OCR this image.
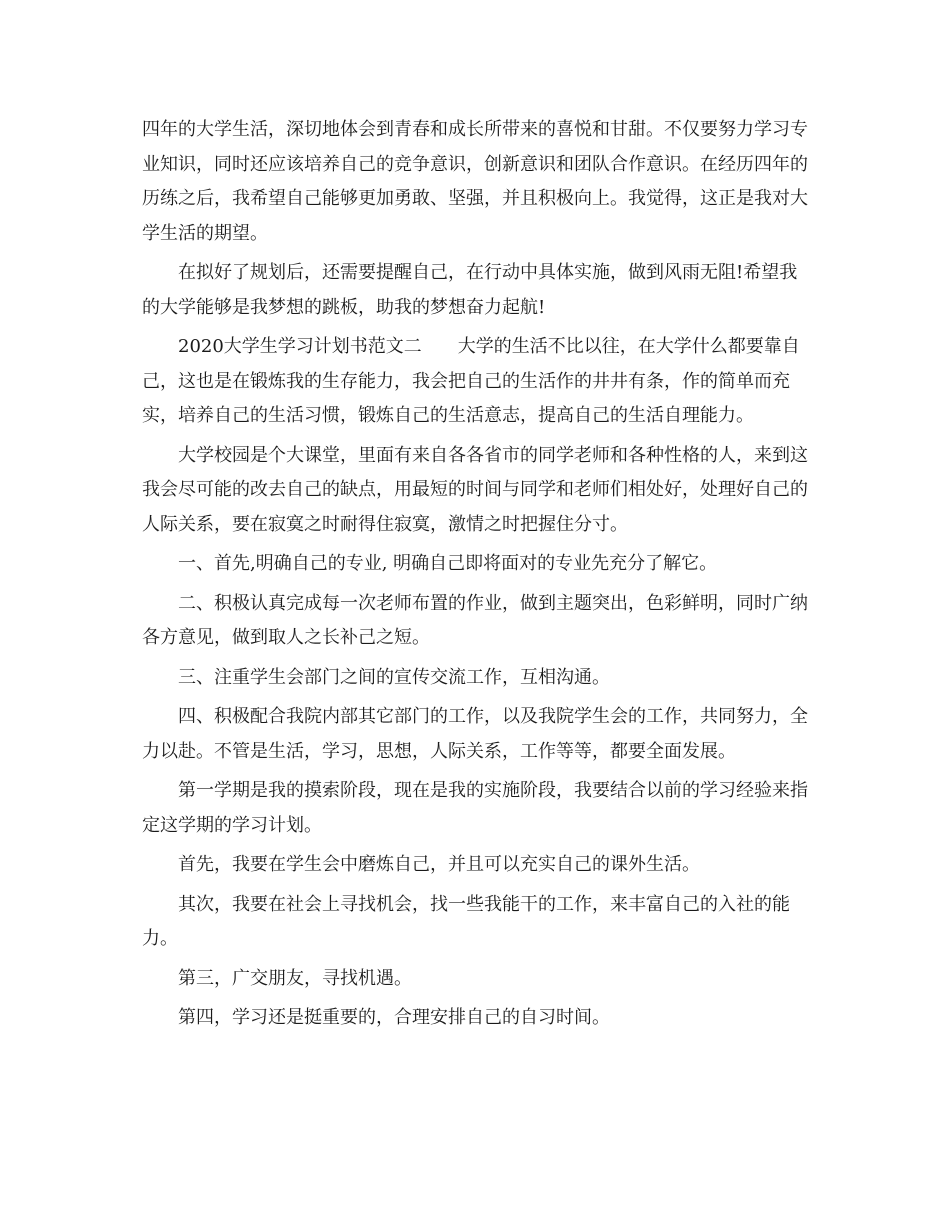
四年的大学生活，深切地体会到青春和成长所带来的喜悦和甘甜。不仅要努力学习专业知识，同时还应该培养自己的竞争意识，创新意识和团队合作意识。在经历四年的历练之后，我希望自己能够更加勇敢、坚强，并且积极向上。我觉得，这正是我对大学生活的期望。

在拟好了规划后，还需要提醒自己，在行动中具体实施，做到风雨无阻!希望我的大学能够是我梦想的跳板，助我的梦想奋力起航!

2020大学生学习计划书范文二　　大学的生活不比以往，在大学什么都要靠自己，这也是在锻炼我的生存能力，我会把自己的生活作的井井有条，作的简单而充实，培养自己的生活习惯，锻炼自己的生活意志，提高自己的生活自理能力。

大学校园是个大课堂，里面有来自各各省市的同学老师和各种性格的人，来到这我会尽可能的改去自己的缺点，用最短的时间与同学和老师们相处好，处理好自己的人际关系，要在寂寞之时耐得住寂寞，激情之时把握住分寸。

一、首先,明确自己的专业, 明确自己即将面对的专业先充分了解它。

二、积极认真完成每一次老师布置的作业，做到主题突出，色彩鲜明，同时广纳各方意见，做到取人之长补己之短。

三、注重学生会部门之间的宣传交流工作，互相沟通。

四、积极配合我院内部其它部门的工作，以及我院学生会的工作，共同努力，全力以赴。不管是生活，学习，思想，人际关系，工作等等，都要全面发展。

第一学期是我的摸索阶段，现在是我的实施阶段，我要结合以前的学习经验来指定这学期的学习计划。

首先，我要在学生会中磨炼自己，并且可以充实自己的课外生活。

其次，我要在社会上寻找机会，找一些我能干的工作，来丰富自己的入社的能力。

第三，广交朋友，寻找机遇。

第四，学习还是挺重要的，合理安排自己的自习时间。
